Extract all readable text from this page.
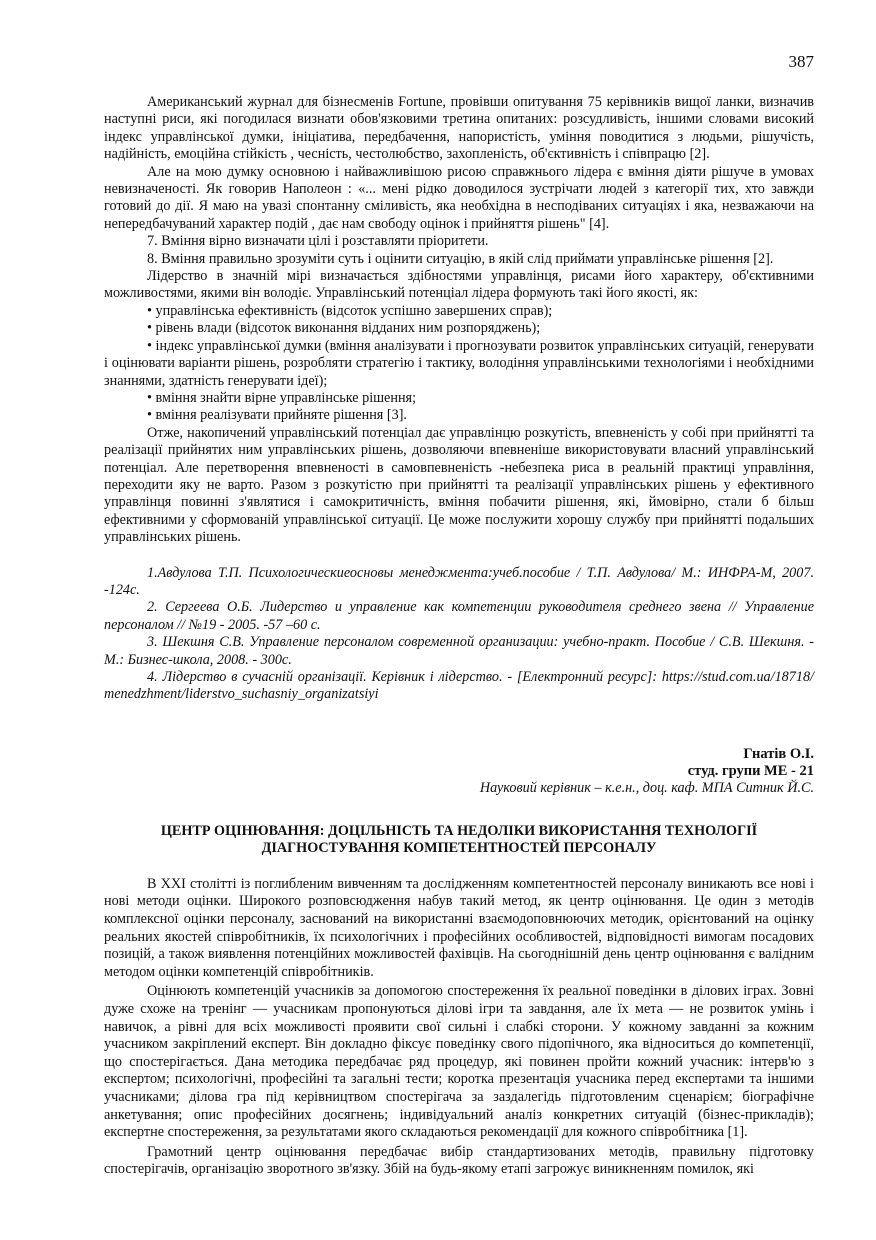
387

Американський журнал для бізнесменів Fortune, провівши опитування 75 керівників вищої ланки, визначив наступні риси, які погодилася визнати обов'язковими третина опитаних: розсудливість, іншими словами високий індекс управлінської думки, ініціатива, передбачення, напористість, уміння поводитися з людьми, рішучість, надійність, емоційна стійкість , чесність, честолюбство, захопленість, об'єктивність і співпрацю [2].

Але на мою думку основною і найважливішою рисою справжнього лідера є вміння діяти рішуче в умовах невизначеності. Як говорив Наполеон : «... мені рідко доводилося зустрічати людей з категорії тих, хто завжди готовий до дії. Я маю на увазі спонтанну сміливість, яка необхідна в несподіваних ситуаціях і яка, незважаючи на непередбачуваний характер подій , дає нам свободу оцінок і прийняття рішень" [4].

7. Вміння вірно визначати цілі і розставляти пріоритети.

8. Вміння правильно зрозуміти суть і оцінити ситуацію, в якій слід приймати управлінське рішення [2].

Лідерство в значній мірі визначається здібностями управлінця, рисами його характеру, об'єктивними можливостями, якими він володіє. Управлінський потенціал лідера формують такі його якості, як:

• управлінська ефективність (відсоток успішно завершених справ);

• рівень влади (відсоток виконання відданих ним розпоряджень);

• індекс управлінської думки (вміння аналізувати і прогнозувати розвиток управлінських ситуацій, генерувати і оцінювати варіанти рішень, розробляти стратегію і тактику, володіння управлінськими технологіями і необхідними знаннями, здатність генерувати ідеї);

• вміння знайти вірне управлінське рішення;

• вміння реалізувати прийняте рішення [3].

Отже, накопичений управлінський потенціал дає управлінцю розкутість, впевненість у собі при прийнятті та реалізації прийнятих ним управлінських рішень, дозволяючи впевненіше використовувати власний управлінський потенціал. Але перетворення впевненості в самовпевненість -небезпека риса в реальній практиці управління, переходити яку не варто. Разом з розкутістю при прийнятті та реалізації управлінських рішень у ефективного управлінця повинні з'являтися і самокритичність, вміння побачити рішення, які, ймовірно, стали б більш ефективними у сформованій управлінської ситуації. Це може послужити хорошу службу при прийнятті подальших управлінських рішень.

1.Авдулова Т.П. Психологическиеосновы менеджмента:учеб.пособие / Т.П. Авдулова/ М.: ИНФРА-М, 2007. -124с.

2. Сергеева О.Б. Лидерство и управление как компетенции руководителя среднего звена // Управление персоналом // №19 - 2005. -57 –60 с.

3. Шекшня С.В. Управление персоналом современной организации: учебно-практ. Пособие / С.В. Шекшня. - М.: Бизнес-школа, 2008. - 300с.

4. Лідерство в сучасній організації. Керівник і лідерство. - [Електронний ресурс]: https://stud.com.ua/18718/ menedzhment/liderstvo_suchasniy_organizatsiyi

Гнатів О.І.
студ. групи МЕ - 21
Науковий керівник – к.е.н., доц. каф. МПА Ситник Й.С.
ЦЕНТР ОЦІНЮВАННЯ: ДОЦІЛЬНІСТЬ ТА НЕДОЛІКИ ВИКОРИСТАННЯ ТЕХНОЛОГІЇ
ДІАГНОСТУВАННЯ КОМПЕТЕНТНОСТЕЙ ПЕРСОНАЛУ

В ХХІ столітті із поглибленим вивченням та дослідженням компетентностей персоналу виникають все нові і нові методи оцінки. Широкого розповсюдження набув такий метод, як центр оцінювання. Це один з методів комплексної оцінки персоналу, заснований на використанні взаємодоповнюючих методик, орієнтований на оцінку реальних якостей співробітників, їх психологічних і професійних особливостей, відповідності вимогам посадових позицій, а також виявлення потенційних можливостей фахівців. На сьогоднішній день центр оцінювання є валідним методом оцінки компетенцій співробітників.

Оцінюють компетенцій учасників за допомогою спостереження їх реальної поведінки в ділових іграх. Зовні дуже схоже на тренінг — учасникам пропонуються ділові ігри та завдання, але їх мета — не розвиток умінь і навичок, а рівні для всіх можливості проявити свої сильні і слабкі сторони. У кожному завданні за кожним учасником закріплений експерт. Він докладно фіксує поведінку свого підопічного, яка відноситься до компетенції, що спостерігається. Дана методика передбачає ряд процедур, які повинен пройти кожний учасник: інтерв'ю з експертом; психологічні, професійні та загальні тести; коротка презентація учасника перед експертами та іншими учасниками; ділова гра під керівництвом спостерігача за заздалегідь підготовленим сценарієм; біографічне анкетування; опис професійних досягнень; індивідуальний аналіз конкретних ситуацій (бізнес-прикладів); експертне спостереження, за результатами якого складаються рекомендації для кожного співробітника [1].

Грамотний центр оцінювання передбачає вибір стандартизованих методів, правильну підготовку спостерігачів, організацію зворотного зв'язку. Збій на будь-якому етапі загрожує виникненням помилок, які
